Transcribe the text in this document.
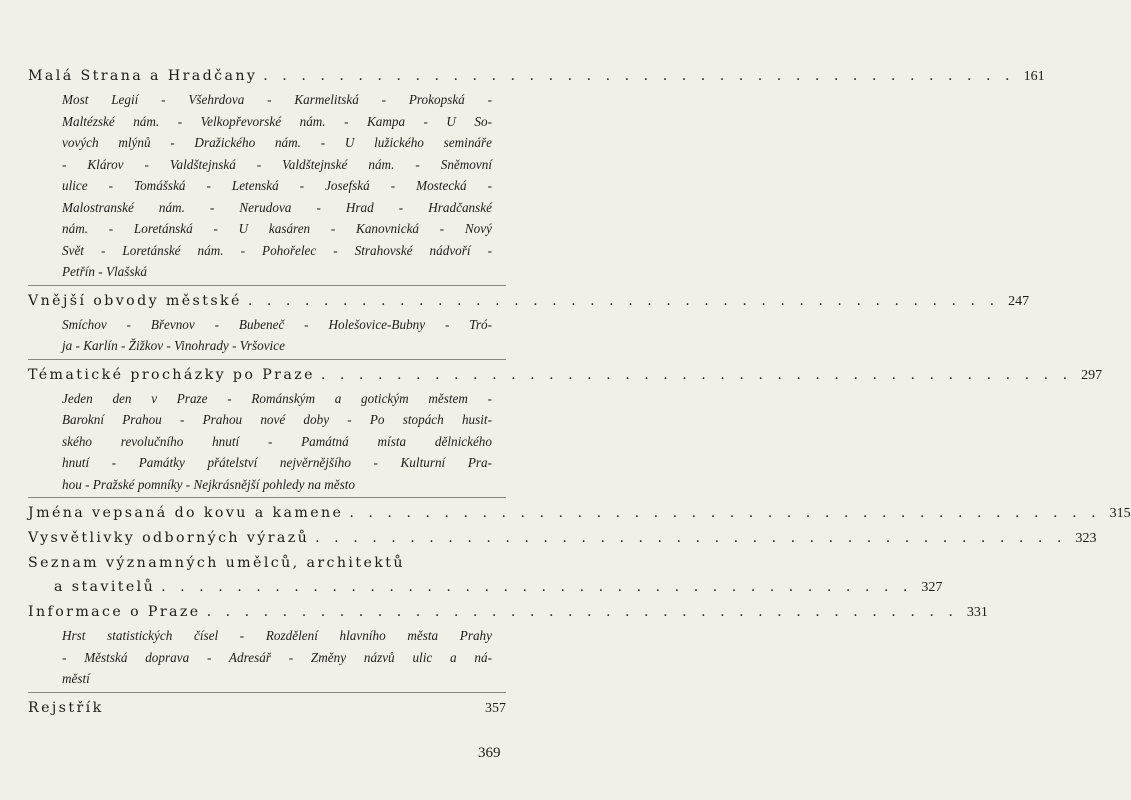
Malá Strana a Hradčany . . . . . . . . . . . . . . . . . . . . . . . . . . . . . . . . . . . . . . . . 161
Most Legií - Všehrdova - Karmelitská - Prokopská -
Maltézské nám. - Velkopřevorské nám. - Kampa - U So-
vových mlýnů - Dražického nám. - U lužického semináře
- Klárov - Valdštejnská - Valdštejnské nám. - Sněmovní
ulice - Tomášská - Letenská - Josefská - Mostecká -
Malostranské nám. - Nerudova - Hrad - Hradčanské
nám. - Loretánská - U kasáren - Kanovnická - Nový
Svět - Loretánské nám. - Pohořelec - Strahovské nádvoří -
Petřín - Vlašská
Vnější obvody městské . . . . . . . . . . . . . . . . . . . . . . . . . . . . . . . . . . . . . . . . 247
Smíchov - Břevnov - Bubeneč - Holešovice-Bubny - Tró-
ja - Karlín - Žižkov - Vinohrady - Vršovice
Tématické procházky po Praze . . . . . . . . . . . . . . . . . . . . . . . . . . . . . . . . . . . . . . . . 297
Jeden den v Praze - Románským a gotickým městem -
Barokní Prahou - Prahou nové doby - Po stopách husit-
ského revolučního hnutí - Památná místa dělnického
hnutí - Památky přátelství nejvěrnějšího - Kulturní Pra-
hou - Pražské pomníky - Nejkrásnější pohledy na město
Jména vepsaná do kovu a kamene . . . . . . . . . . . . . . . . . . . . . . . . . . . . . . . . . . . . . . . . 315
Vysvětlivky odborných výrazů . . . . . . . . . . . . . . . . . . . . . . . . . . . . . . . . . . . . . . . . 323
Seznam významných umělců, architektů
a stavitelů . . . . . . . . . . . . . . . . . . . . . . . . . . . . . . . . . . . . . . . . 327
Informace o Praze . . . . . . . . . . . . . . . . . . . . . . . . . . . . . . . . . . . . . . . . 331
Hrst statistických čísel - Rozdělení hlavního města Prahy
- Městská doprava - Adresář - Změny názvů ulic a ná-
městí
Rejstřík	357
369
